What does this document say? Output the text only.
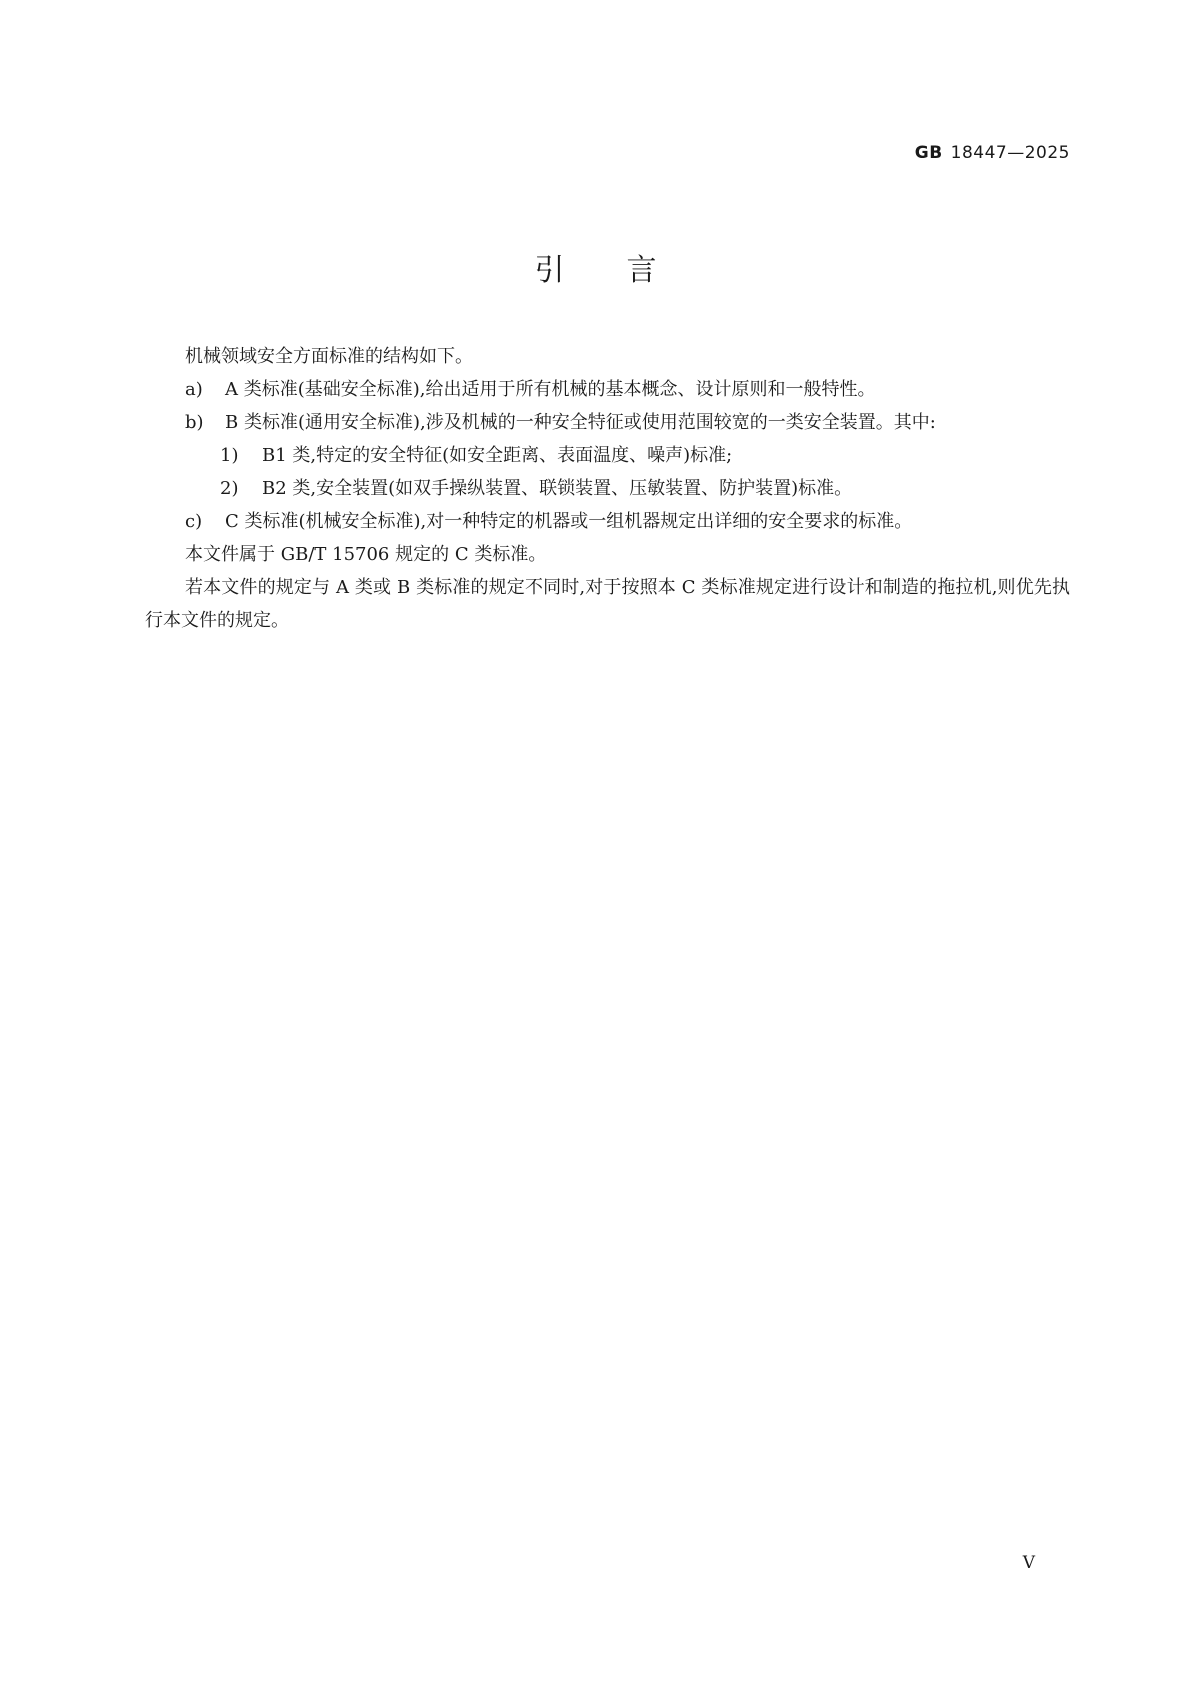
GB 18447—2025
引言

机械领域安全方面标准的结构如下。

a) A 类标准(基础安全标准),给出适用于所有机械的基本概念、设计原则和一般特性。

b) B 类标准(通用安全标准),涉及机械的一种安全特征或使用范围较宽的一类安全装置。其中:

1) B1 类,特定的安全特征(如安全距离、表面温度、噪声)标准;

2) B2 类,安全装置(如双手操纵装置、联锁装置、压敏装置、防护装置)标准。

c) C 类标准(机械安全标准),对一种特定的机器或一组机器规定出详细的安全要求的标准。

本文件属于 GB/T 15706 规定的 C 类标准。

若本文件的规定与 A 类或 B 类标准的规定不同时,对于按照本 C 类标准规定进行设计和制造的拖拉机,则优先执行本文件的规定。

V
